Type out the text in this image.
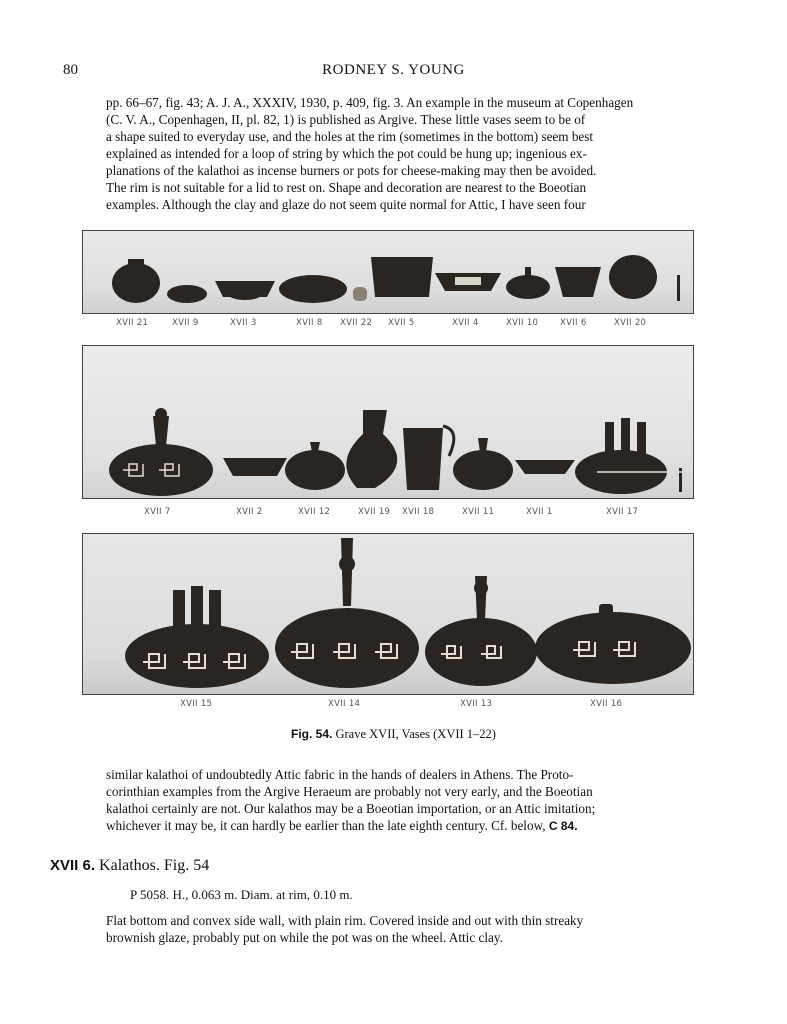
80	RODNEY S. YOUNG

pp. 66–67, fig. 43; A. J. A., XXXIV, 1930, p. 409, fig. 3. An example in the museum at Copenhagen

(C. V. A., Copenhagen, II, pl. 82, 1) is published as Argive. These little vases seem to be of

a shape suited to everyday use, and the holes at the rim (sometimes in the bottom) seem best

explained as intended for a loop of string by which the pot could be hung up; ingenious ex-

planations of the kalathoi as incense burners or pots for cheese-making may then be avoided.

The rim is not suitable for a lid to rest on. Shape and decoration are nearest to the Boeotian

examples. Although the clay and glaze do not seem quite normal for Attic, I have seen four

XVII 21	XVII 9	XVII 3	XVII 8 XVII 22 XVII 5	XVII 4	XVII 10	XVII 6	XVII 20
XVII 7	XVII 2	XVII 12	XVII 19 XVII 18	XVII 11	XVII 1	XVII 17
XVII 15	XVII 14	XVII 13	XVII 16
Fig. 54. Grave XVII, Vases (XVII 1–22)

similar kalathoi of undoubtedly Attic fabric in the hands of dealers in Athens. The Proto-

corinthian examples from the Argive Heraeum are probably not very early, and the Boeotian

kalathoi certainly are not. Our kalathos may be a Boeotian importation, or an Attic imitation;

whichever it may be, it can hardly be earlier than the late eighth century. Cf. below, C 84.

XVII 6. Kalathos. Fig. 54
P 5058. H., 0.063 m. Diam. at rim, 0.10 m.

Flat bottom and convex side wall, with plain rim. Covered inside and out with thin streaky

brownish glaze, probably put on while the pot was on the wheel. Attic clay.
